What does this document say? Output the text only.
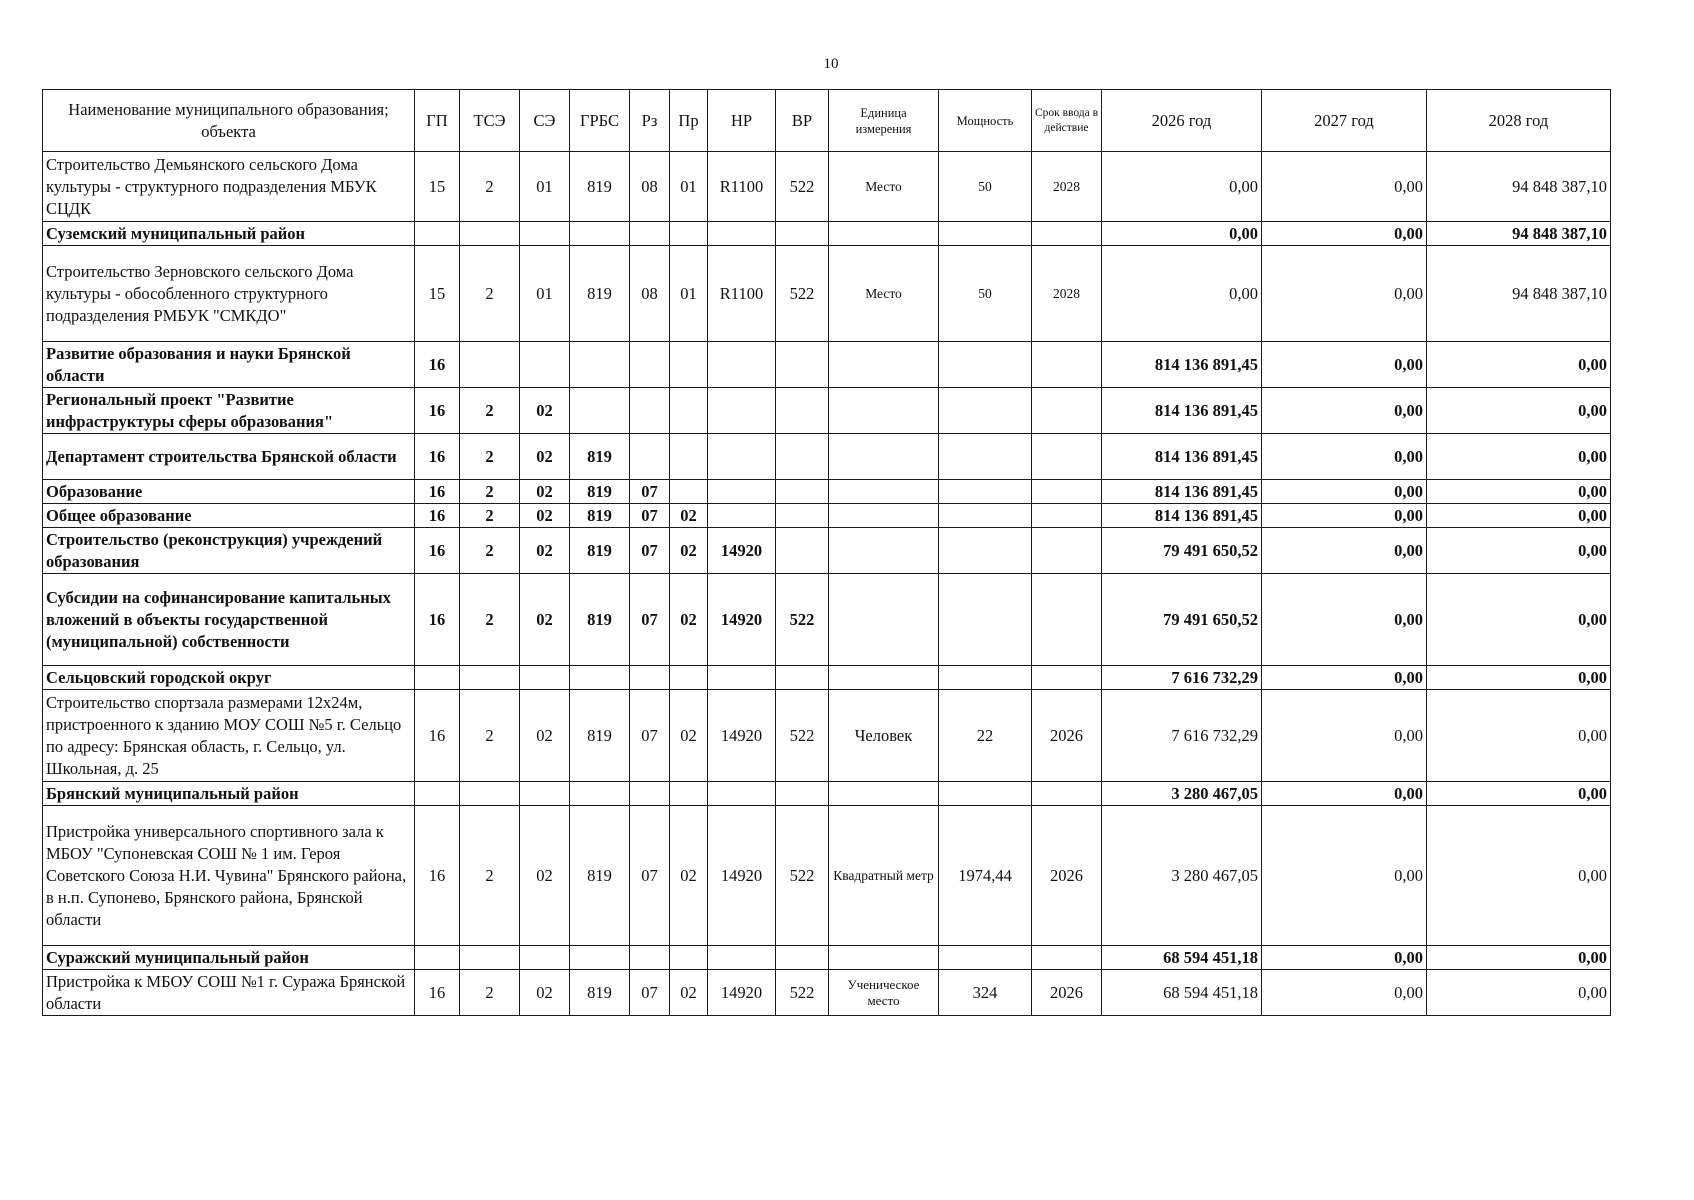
10
Наименование муниципального образования; объекта	ГП	ТСЭ	СЭ	ГРБС	Рз	Пр	НР	ВР	Единица измерения	Мощность	Срок ввода в действие	2026 год	2027 год	2028 год
Строительство Демьянского сельского Дома культуры - структурного подразделения МБУК СЦДК	15	2	01	819	08	01	R1100	522	Место	50	2028	0,00	0,00	94 848 387,10
Суземский муниципальный район												0,00	0,00	94 848 387,10
Строительство Зерновского сельского Дома культуры - обособленного структурного подразделения РМБУК "СМКДО"	15	2	01	819	08	01	R1100	522	Место	50	2028	0,00	0,00	94 848 387,10
Развитие образования и науки Брянской области	16											814 136 891,45	0,00	0,00
Региональный проект "Развитие инфраструктуры сферы образования"	16	2	02									814 136 891,45	0,00	0,00
Департамент строительства Брянской области	16	2	02	819								814 136 891,45	0,00	0,00
Образование	16	2	02	819	07							814 136 891,45	0,00	0,00
Общее образование	16	2	02	819	07	02						814 136 891,45	0,00	0,00
Строительство (реконструкция) учреждений образования	16	2	02	819	07	02	14920					79 491 650,52	0,00	0,00
Субсидии на софинансирование капитальных вложений в объекты государственной (муниципальной) собственности	16	2	02	819	07	02	14920	522				79 491 650,52	0,00	0,00
Сельцовский городской округ												7 616 732,29	0,00	0,00
Строительство спортзала размерами 12х24м, пристроенного к зданию МОУ СОШ №5 г. Сельцо по адресу: Брянская область, г. Сельцо, ул. Школьная, д. 25	16	2	02	819	07	02	14920	522	Человек	22	2026	7 616 732,29	0,00	0,00
Брянский муниципальный район												3 280 467,05	0,00	0,00
Пристройка универсального спортивного зала к МБОУ "Супоневская СОШ № 1 им. Героя Советского Союза Н.И. Чувина" Брянского района, в н.п. Супонево, Брянского района, Брянской области	16	2	02	819	07	02	14920	522	Квадратный метр	1974,44	2026	3 280 467,05	0,00	0,00
Суражский муниципальный район												68 594 451,18	0,00	0,00
Пристройка к МБОУ СОШ №1 г. Суража Брянской области	16	2	02	819	07	02	14920	522	Ученическое место	324	2026	68 594 451,18	0,00	0,00
